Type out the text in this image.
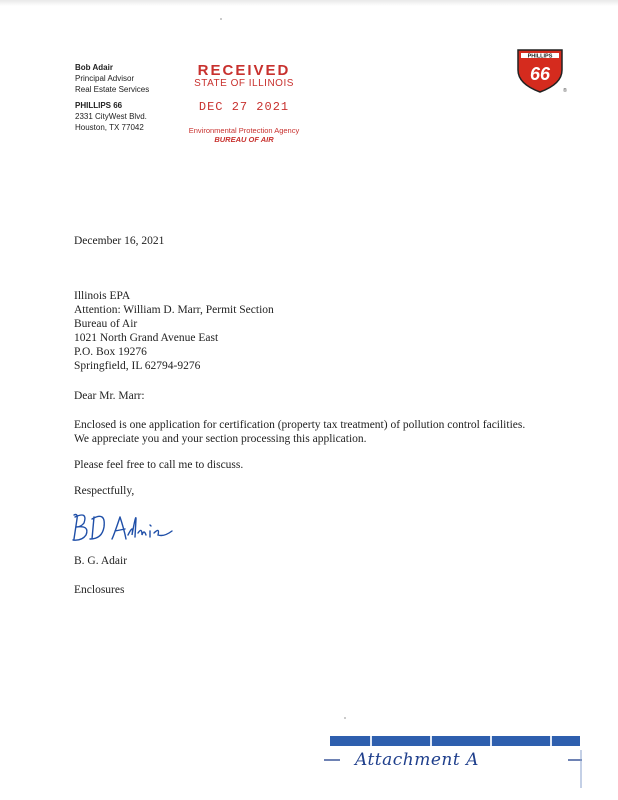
Bob Adair
Principal Advisor
Real Estate Services
PHILLIPS 66
2331 CityWest Blvd.
Houston, TX 77042
RECEIVED
STATE OF ILLINOIS
DEC 27 2021
Environmental Protection Agency
BUREAU OF AIR
PHILLIPS
66
®
December 16, 2021
Illinois EPA
Attention: William D. Marr, Permit Section
Bureau of Air
1021 North Grand Avenue East
P.O. Box 19276
Springfield, IL 62794-9276
Dear Mr. Marr:
Enclosed is one application for certification (property tax treatment) of pollution control facilities.
We appreciate you and your section processing this application.
Please feel free to call me to discuss.
Respectfully,
B. G. Adair
Enclosures
Attachment A
